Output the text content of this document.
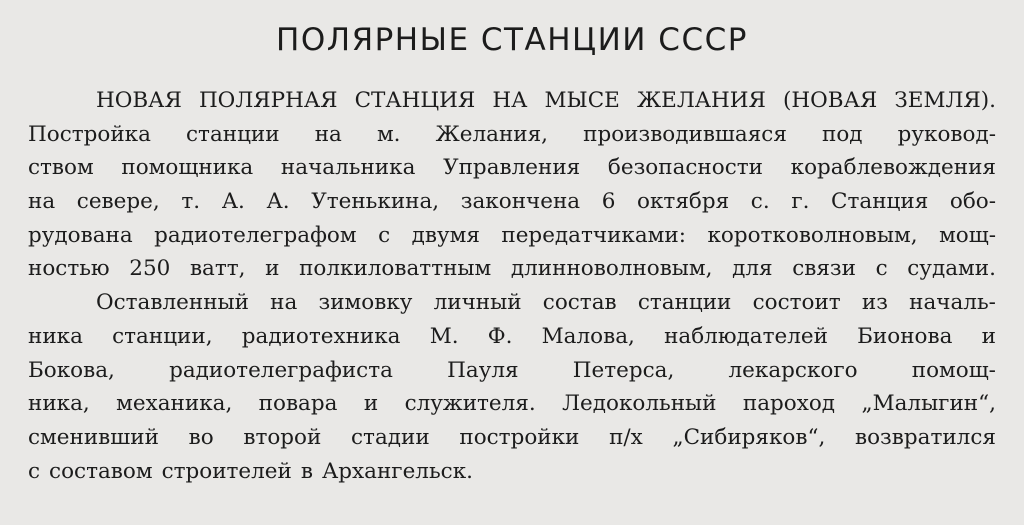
ПОЛЯРНЫЕ СТАНЦИИ СССР
НОВАЯ ПОЛЯРНАЯ СТАНЦИЯ НА МЫСЕ ЖЕЛАНИЯ (НОВАЯ ЗЕМЛЯ).
Постройка станции на м. Желания, производившаяся под руковод-
ством помощника начальника Управления безопасности кораблевождения
на севере, т. А. А. Утенькина, закончена 6 октября с. г. Станция обо-
рудована радиотелеграфом с двумя передатчиками: коротковолновым, мощ-
ностью 250 ватт, и полкиловаттным длинноволновым, для связи с судами.
Оставленный на зимовку личный состав станции состоит из началь-
ника станции, радиотехника М. Ф. Малова, наблюдателей Бионова и
Бокова,	радиотелеграфиста	Пауля	Петерса,	лекарского	помощ-
ника, механика, повара и служителя. Ледокольный пароход „Малыгин“,
сменивший во второй стадии постройки п/х „Сибиряков“, возвратился
с составом строителей в Архангельск.
